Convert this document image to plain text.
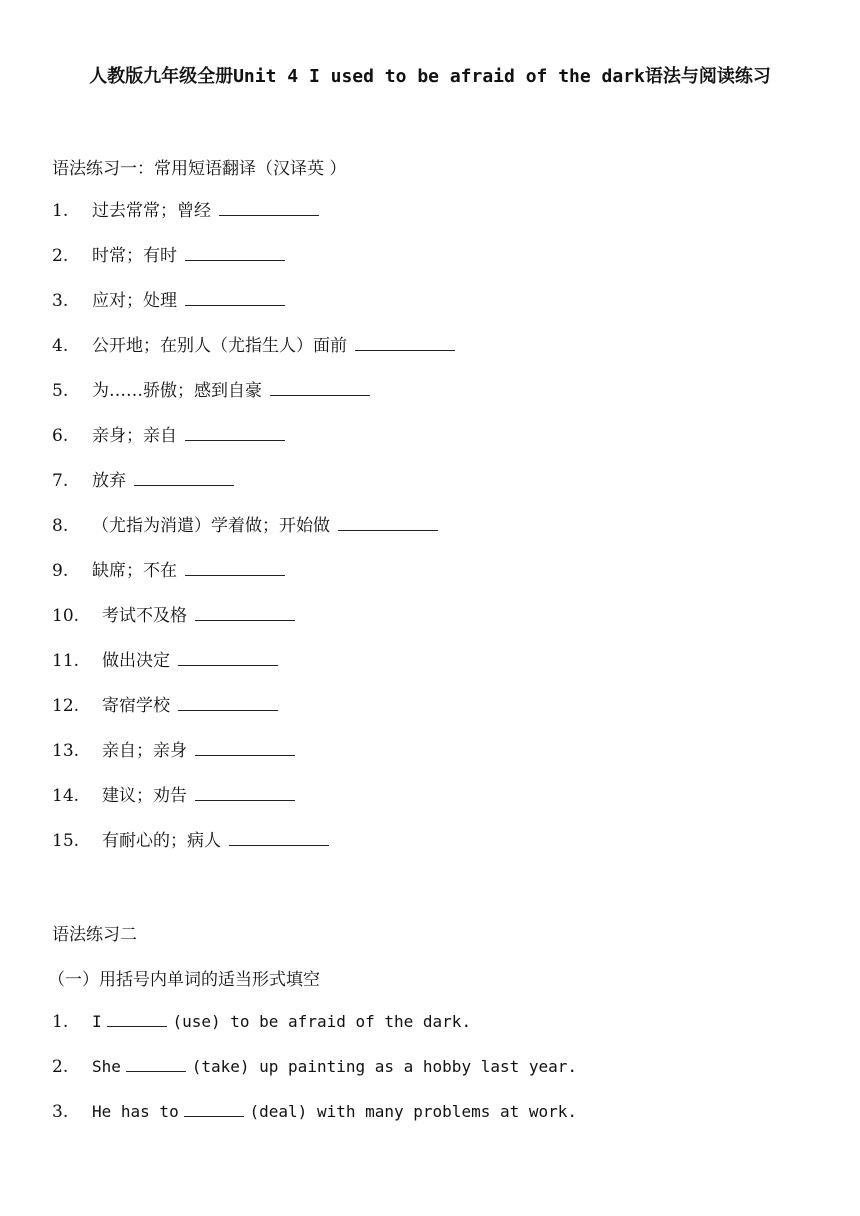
人教版九年级全册Unit 4 I used to be afraid of the dark语法与阅读练习
语法练习一：常用短语翻译（汉译英 ）
1. 过去常常；曾经
2. 时常；有时
3. 应对；处理
4. 公开地；在别人（尤指生人）面前
5. 为……骄傲；感到自豪
6. 亲身；亲自
7. 放弃
8. （尤指为消遣）学着做；开始做
9. 缺席；不在
10. 考试不及格
11. 做出决定
12. 寄宿学校
13. 亲自；亲身
14. 建议；劝告
15. 有耐心的；病人
语法练习二
（一）用括号内单词的适当形式填空
1. I	(use) to be afraid of the dark.
2. She	(take) up painting as a hobby last year.
3. He has to	(deal) with many problems at work.
